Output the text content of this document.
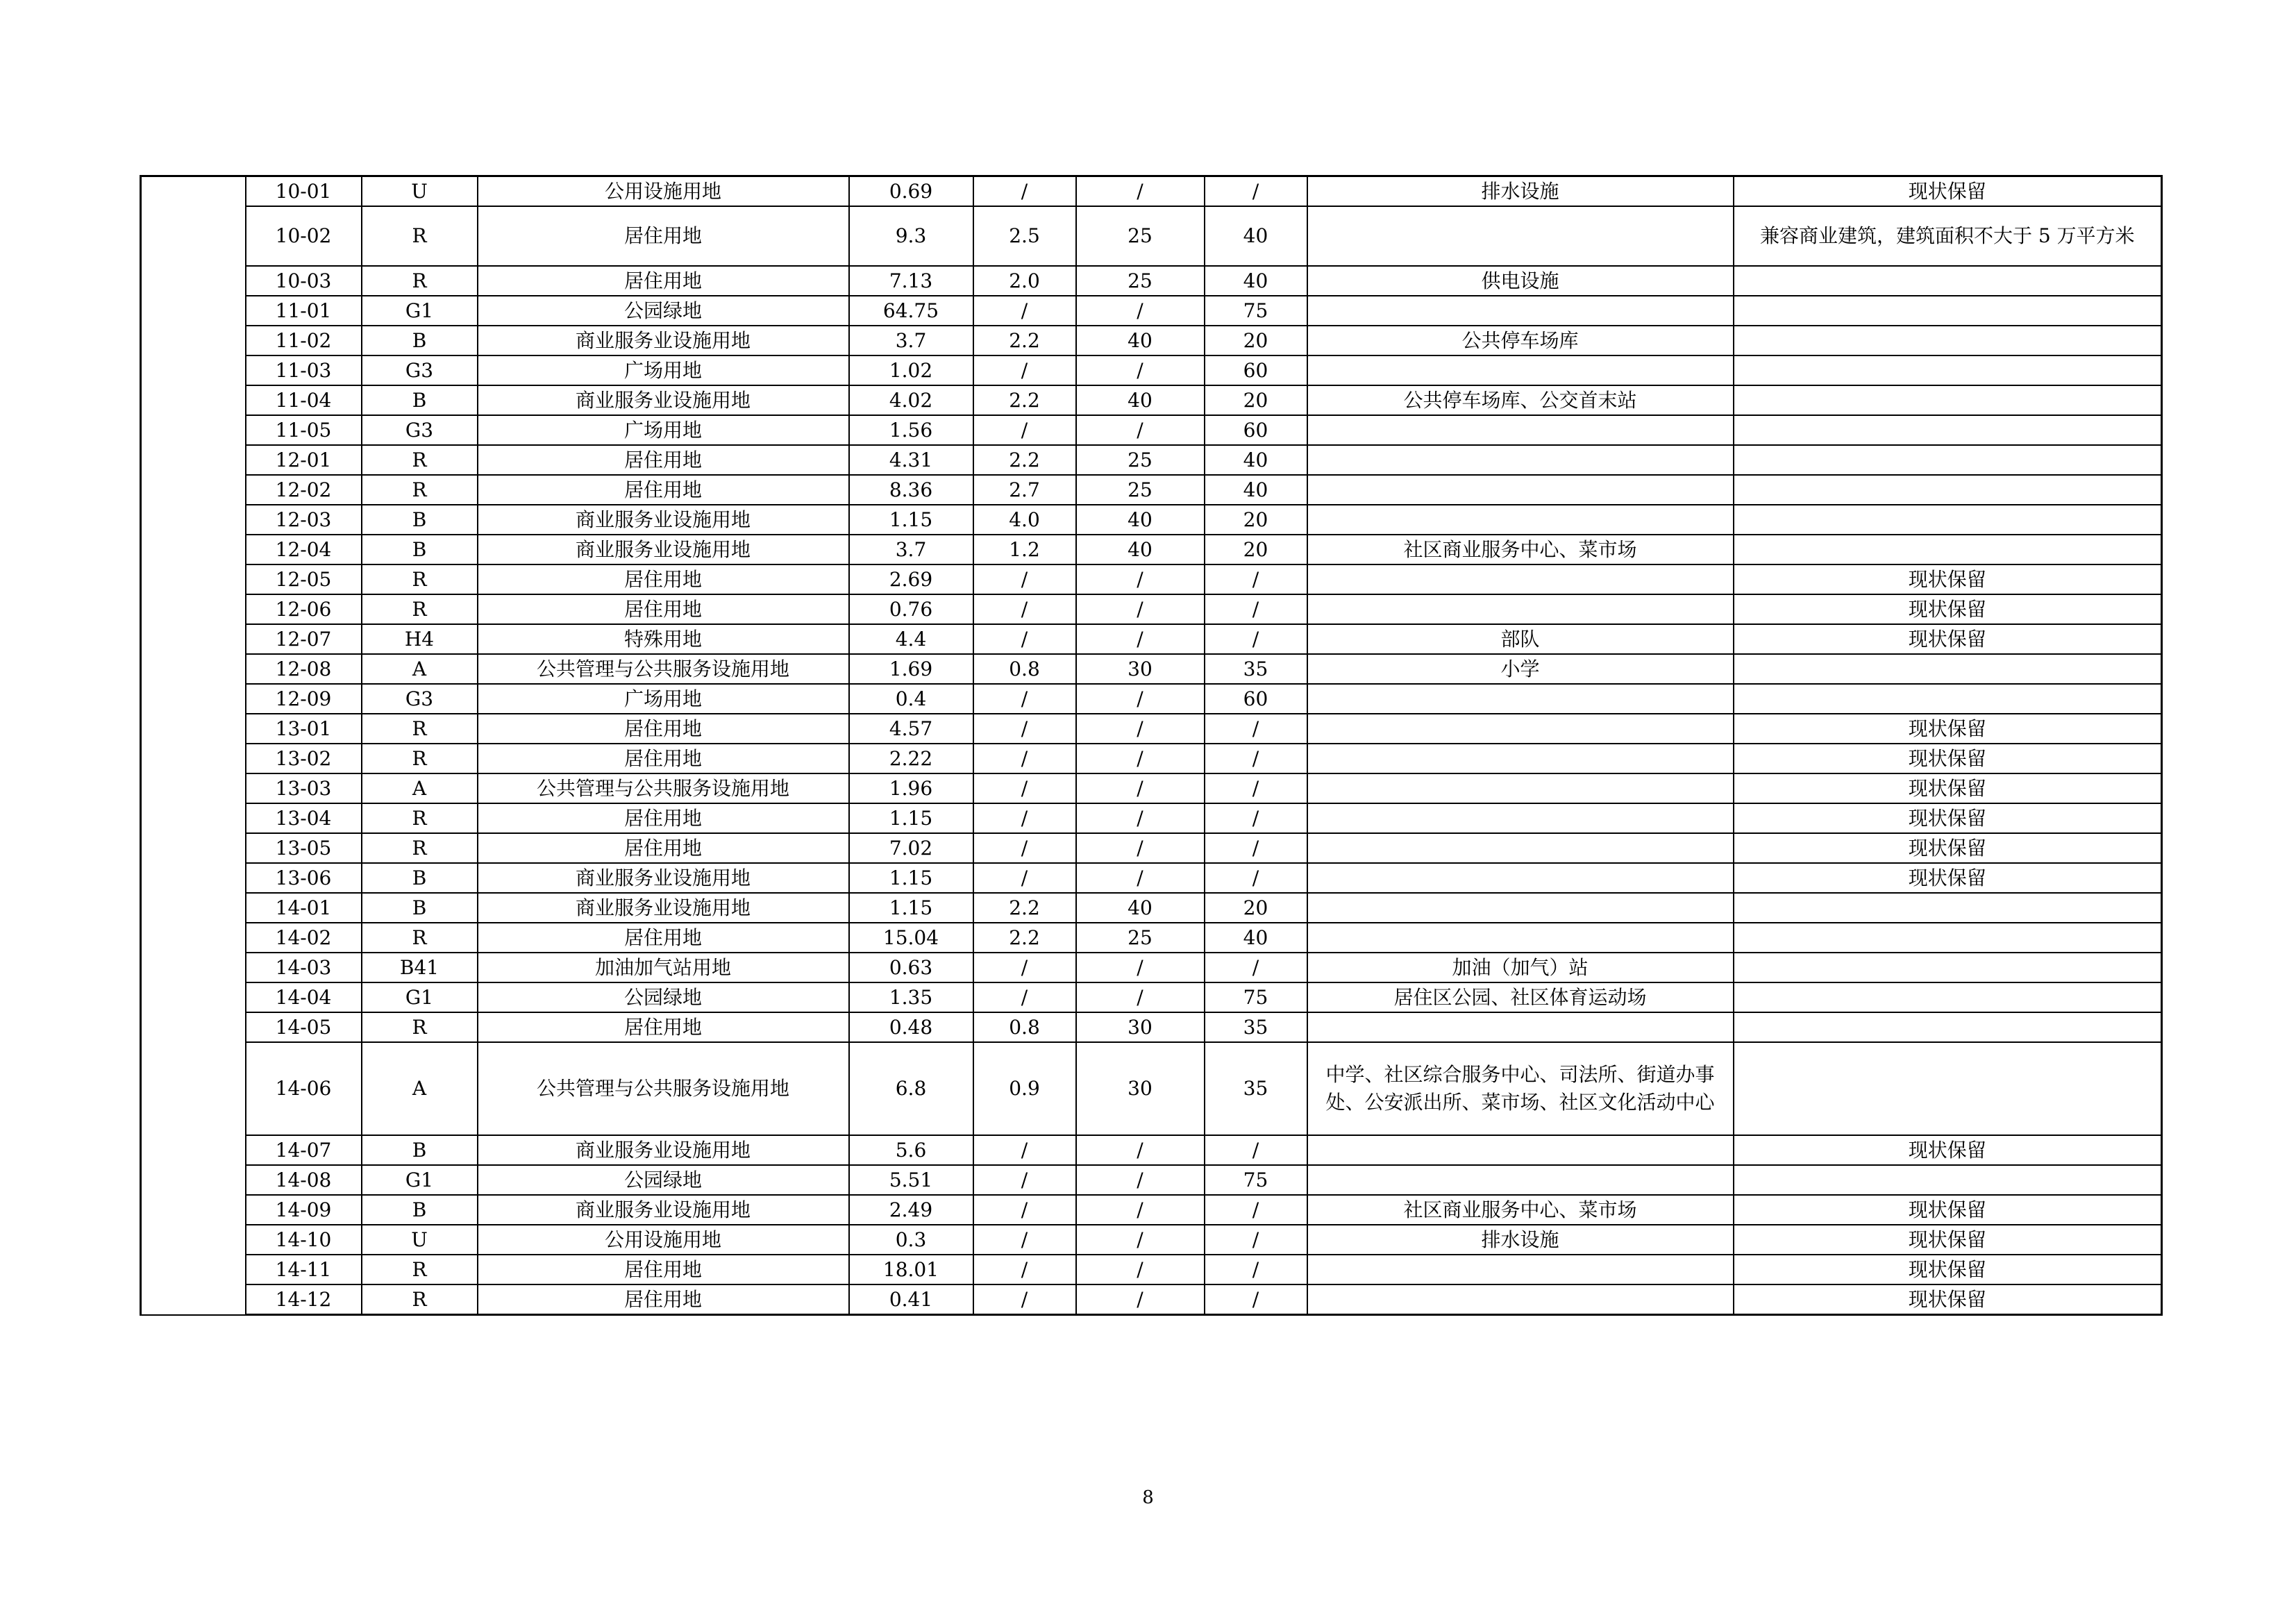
	10-01	U	公用设施用地	0.69	/	/	/	排水设施	现状保留
	10-02	R	居住用地	9.3	2.5	25	40		兼容商业建筑，建筑面积不大于 5 万平方米
	10-03	R	居住用地	7.13	2.0	25	40	供电设施	
	11-01	G1	公园绿地	64.75	/	/	75		
	11-02	B	商业服务业设施用地	3.7	2.2	40	20	公共停车场库	
	11-03	G3	广场用地	1.02	/	/	60		
	11-04	B	商业服务业设施用地	4.02	2.2	40	20	公共停车场库、公交首末站	
	11-05	G3	广场用地	1.56	/	/	60		
	12-01	R	居住用地	4.31	2.2	25	40		
	12-02	R	居住用地	8.36	2.7	25	40		
	12-03	B	商业服务业设施用地	1.15	4.0	40	20		
	12-04	B	商业服务业设施用地	3.7	1.2	40	20	社区商业服务中心、菜市场	
	12-05	R	居住用地	2.69	/	/	/		现状保留
	12-06	R	居住用地	0.76	/	/	/		现状保留
	12-07	H4	特殊用地	4.4	/	/	/	部队	现状保留
	12-08	A	公共管理与公共服务设施用地	1.69	0.8	30	35	小学	
	12-09	G3	广场用地	0.4	/	/	60		
	13-01	R	居住用地	4.57	/	/	/		现状保留
	13-02	R	居住用地	2.22	/	/	/		现状保留
	13-03	A	公共管理与公共服务设施用地	1.96	/	/	/		现状保留
	13-04	R	居住用地	1.15	/	/	/		现状保留
	13-05	R	居住用地	7.02	/	/	/		现状保留
	13-06	B	商业服务业设施用地	1.15	/	/	/		现状保留
	14-01	B	商业服务业设施用地	1.15	2.2	40	20		
	14-02	R	居住用地	15.04	2.2	25	40		
	14-03	B41	加油加气站用地	0.63	/	/	/	加油（加气）站	
	14-04	G1	公园绿地	1.35	/	/	75	居住区公园、社区体育运动场	
	14-05	R	居住用地	0.48	0.8	30	35		
	14-06	A	公共管理与公共服务设施用地	6.8	0.9	30	35	中学、社区综合服务中心、司法所、街道办事处、公安派出所、菜市场、社区文化活动中心	
	14-07	B	商业服务业设施用地	5.6	/	/	/		现状保留
	14-08	G1	公园绿地	5.51	/	/	75		
	14-09	B	商业服务业设施用地	2.49	/	/	/	社区商业服务中心、菜市场	现状保留
	14-10	U	公用设施用地	0.3	/	/	/	排水设施	现状保留
	14-11	R	居住用地	18.01	/	/	/		现状保留
	14-12	R	居住用地	0.41	/	/	/		现状保留
8
